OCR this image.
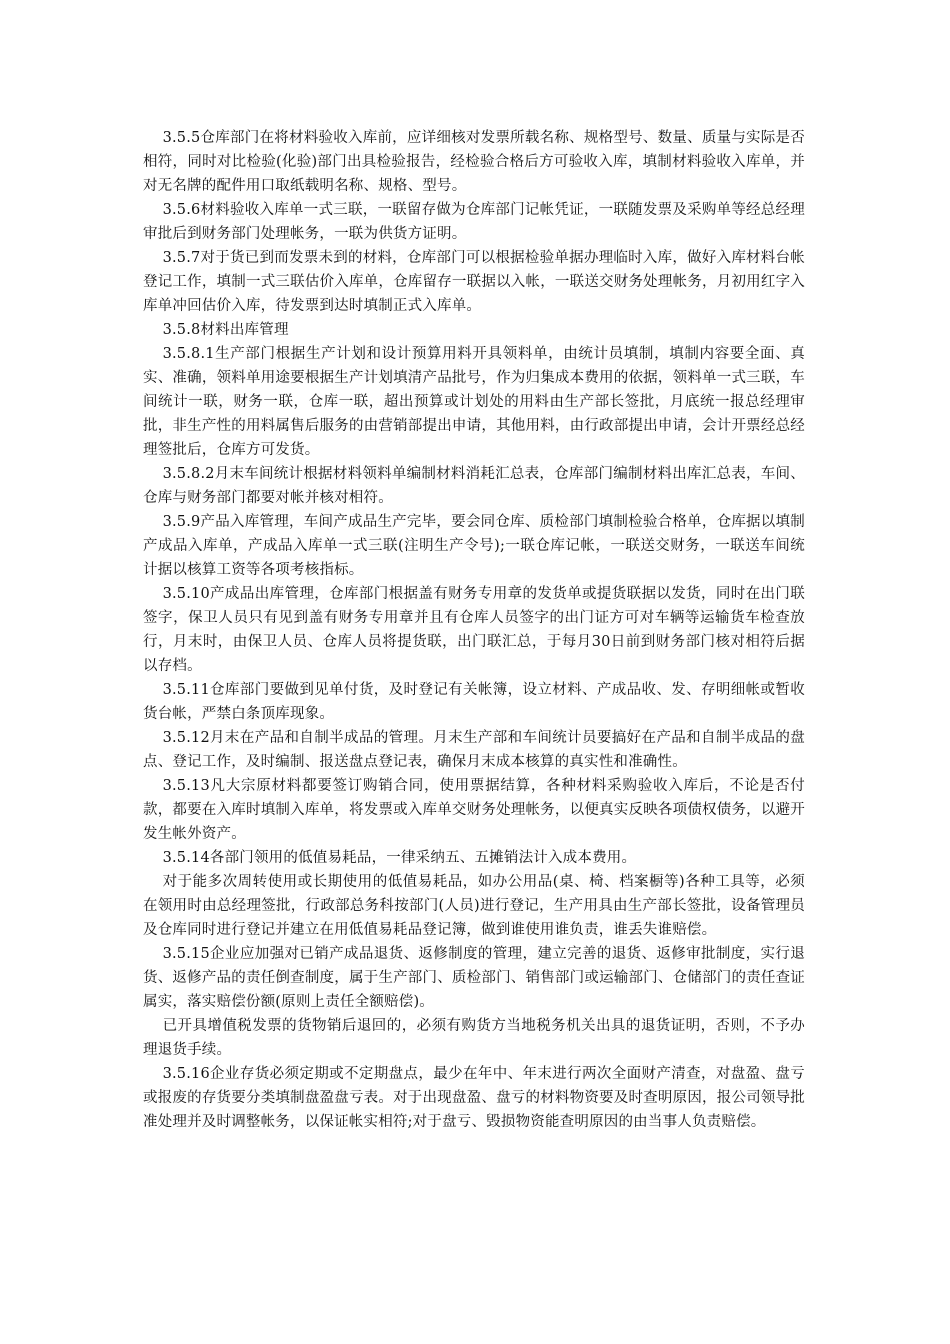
3.5.5仓库部门在将材料验收入库前，应详细核对发票所载名称、规格型号、数量、质量与实际是否相符，同时对比检验(化验)部门出具检验报告，经检验合格后方可验收入库，填制材料验收入库单，并对无名牌的配件用口取纸载明名称、规格、型号。

3.5.6材料验收入库单一式三联，一联留存做为仓库部门记帐凭证，一联随发票及采购单等经总经理审批后到财务部门处理帐务，一联为供货方证明。

3.5.7对于货已到而发票未到的材料，仓库部门可以根据检验单据办理临时入库，做好入库材料台帐登记工作，填制一式三联估价入库单，仓库留存一联据以入帐，一联送交财务处理帐务，月初用红字入库单冲回估价入库，待发票到达时填制正式入库单。

3.5.8材料出库管理

3.5.8.1生产部门根据生产计划和设计预算用料开具领料单，由统计员填制，填制内容要全面、真实、准确，领料单用途要根据生产计划填清产品批号，作为归集成本费用的依据，领料单一式三联，车间统计一联，财务一联，仓库一联，超出预算或计划处的用料由生产部长签批，月底统一报总经理审批，非生产性的用料属售后服务的由营销部提出申请，其他用料，由行政部提出申请，会计开票经总经理签批后，仓库方可发货。

3.5.8.2月末车间统计根据材料领料单编制材料消耗汇总表，仓库部门编制材料出库汇总表，车间、仓库与财务部门都要对帐并核对相符。

3.5.9产品入库管理，车间产成品生产完毕，要会同仓库、质检部门填制检验合格单，仓库据以填制产成品入库单，产成品入库单一式三联(注明生产令号);一联仓库记帐，一联送交财务，一联送车间统计据以核算工资等各项考核指标。

3.5.10产成品出库管理，仓库部门根据盖有财务专用章的发货单或提货联据以发货，同时在出门联签字，保卫人员只有见到盖有财务专用章并且有仓库人员签字的出门证方可对车辆等运输货车检查放行，月末时，由保卫人员、仓库人员将提货联，出门联汇总，于每月30日前到财务部门核对相符后据以存档。

3.5.11仓库部门要做到见单付货，及时登记有关帐簿，设立材料、产成品收、发、存明细帐或暂收货台帐，严禁白条顶库现象。

3.5.12月末在产品和自制半成品的管理。月末生产部和车间统计员要搞好在产品和自制半成品的盘点、登记工作，及时编制、报送盘点登记表，确保月末成本核算的真实性和准确性。

3.5.13凡大宗原材料都要签订购销合同，使用票据结算，各种材料采购验收入库后，不论是否付款，都要在入库时填制入库单，将发票或入库单交财务处理帐务，以便真实反映各项债权债务，以避开发生帐外资产。

3.5.14各部门领用的低值易耗品，一律采纳五、五摊销法计入成本费用。

对于能多次周转使用或长期使用的低值易耗品，如办公用品(桌、椅、档案橱等)各种工具等，必须在领用时由总经理签批，行政部总务科按部门(人员)进行登记，生产用具由生产部长签批，设备管理员及仓库同时进行登记并建立在用低值易耗品登记簿，做到谁使用谁负责，谁丢失谁赔偿。

3.5.15企业应加强对已销产成品退货、返修制度的管理，建立完善的退货、返修审批制度，实行退货、返修产品的责任倒查制度，属于生产部门、质检部门、销售部门或运输部门、仓储部门的责任查证属实，落实赔偿份额(原则上责任全额赔偿)。

已开具增值税发票的货物销后退回的，必须有购货方当地税务机关出具的退货证明，否则，不予办理退货手续。

3.5.16企业存货必须定期或不定期盘点，最少在年中、年末进行两次全面财产清查，对盘盈、盘亏或报废的存货要分类填制盘盈盘亏表。对于出现盘盈、盘亏的材料物资要及时查明原因，报公司领导批准处理并及时调整帐务，以保证帐实相符;对于盘亏、毁损物资能查明原因的由当事人负责赔偿。
